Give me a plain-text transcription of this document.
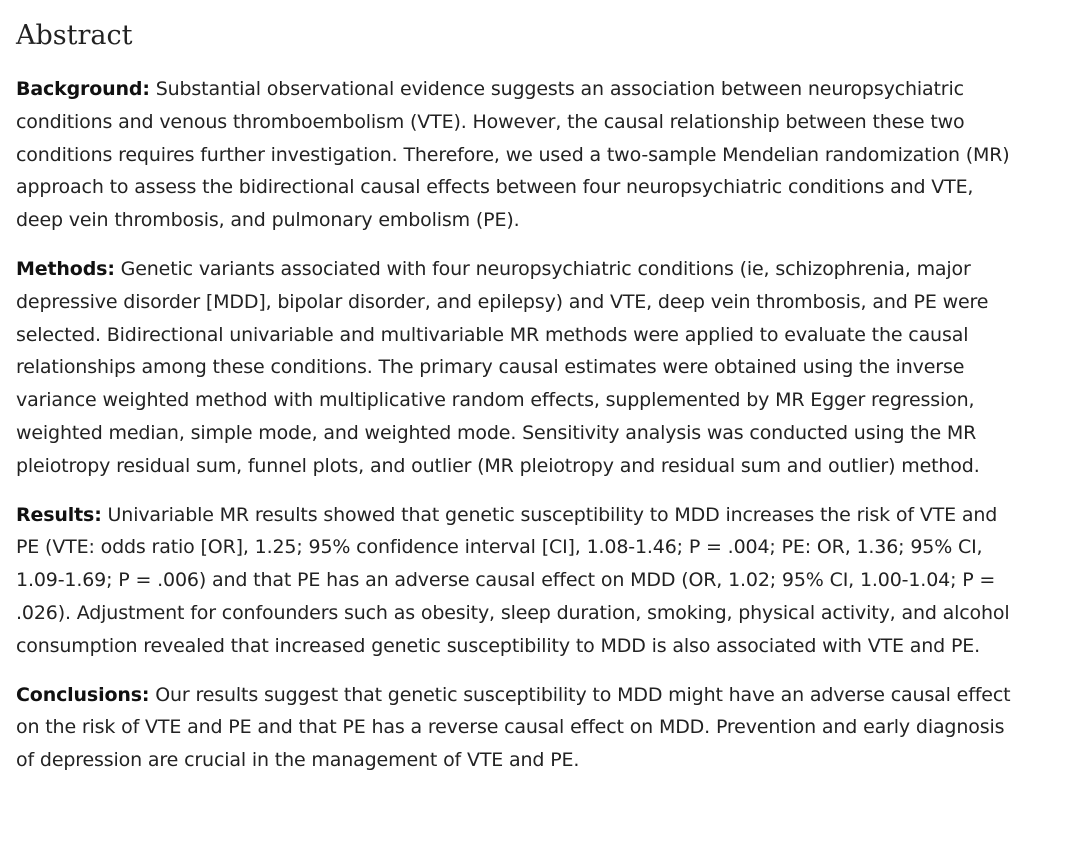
Abstract

Background: Substantial observational evidence suggests an association between neuropsychiatric conditions and venous thromboembolism (VTE). However, the causal relationship between these two conditions requires further investigation. Therefore, we used a two-sample Mendelian randomization (MR) approach to assess the bidirectional causal effects between four neuropsychiatric conditions and VTE, deep vein thrombosis, and pulmonary embolism (PE).

Methods: Genetic variants associated with four neuropsychiatric conditions (ie, schizophrenia, major depressive disorder [MDD], bipolar disorder, and epilepsy) and VTE, deep vein thrombosis, and PE were selected. Bidirectional univariable and multivariable MR methods were applied to evaluate the causal relationships among these conditions. The primary causal estimates were obtained using the inverse variance weighted method with multiplicative random effects, supplemented by MR Egger regression, weighted median, simple mode, and weighted mode. Sensitivity analysis was conducted using the MR pleiotropy residual sum, funnel plots, and outlier (MR pleiotropy and residual sum and outlier) method.

Results: Univariable MR results showed that genetic susceptibility to MDD increases the risk of VTE and PE (VTE: odds ratio [OR], 1.25; 95% confidence interval [CI], 1.08-1.46; P = .004; PE: OR, 1.36; 95% CI, 1.09-1.69; P = .006) and that PE has an adverse causal effect on MDD (OR, 1.02; 95% CI, 1.00-1.04; P = .026). Adjustment for confounders such as obesity, sleep duration, smoking, physical activity, and alcohol consumption revealed that increased genetic susceptibility to MDD is also associated with VTE and PE.

Conclusions: Our results suggest that genetic susceptibility to MDD might have an adverse causal effect on the risk of VTE and PE and that PE has a reverse causal effect on MDD. Prevention and early diagnosis of depression are crucial in the management of VTE and PE.
